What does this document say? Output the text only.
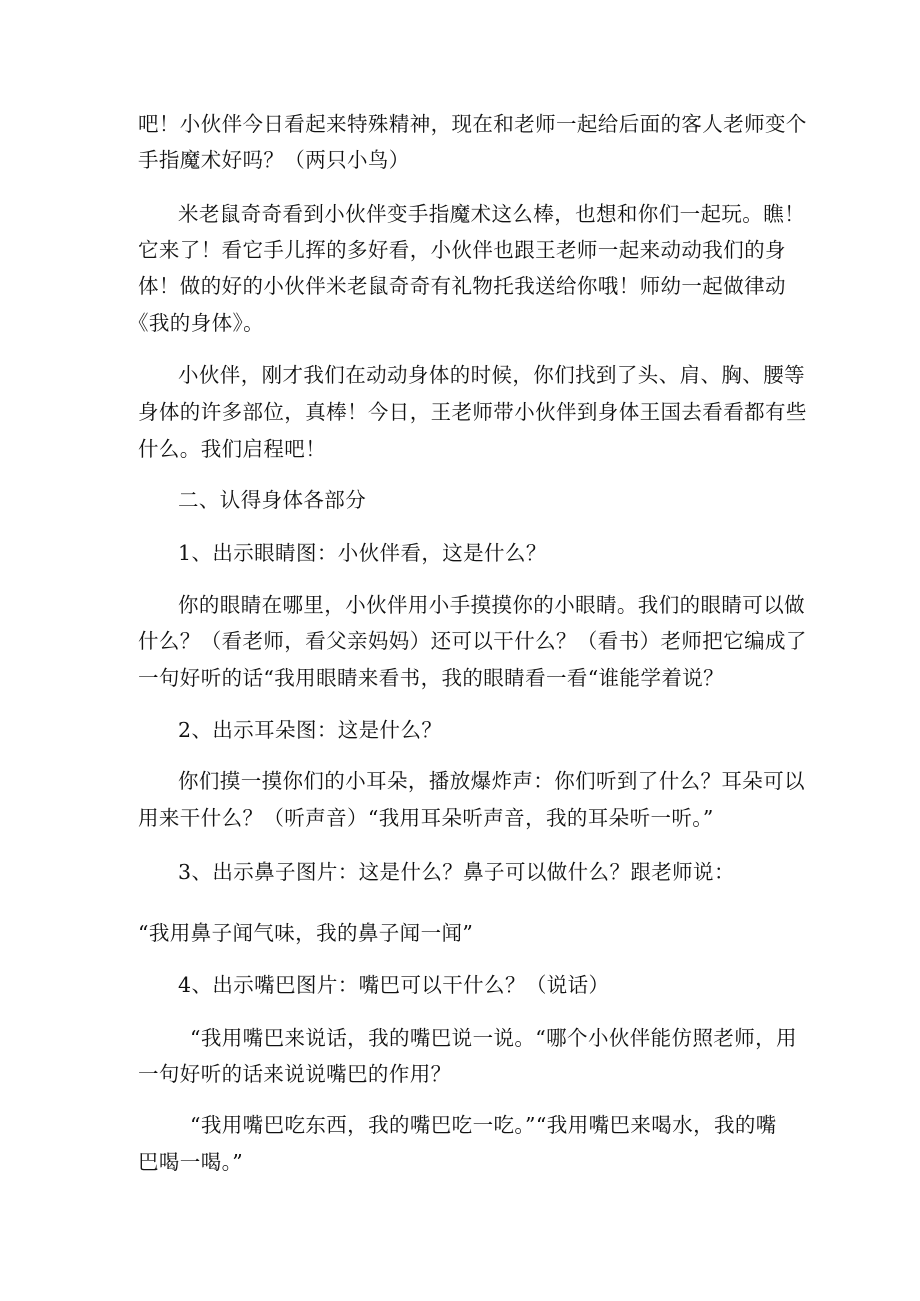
吧！小伙伴今日看起来特殊精神，现在和老师一起给后面的客人老师变个
手指魔术好吗？（两只小鸟）
米老鼠奇奇看到小伙伴变手指魔术这么棒，也想和你们一起玩。瞧！
它来了！看它手儿挥的多好看，小伙伴也跟王老师一起来动动我们的身
体！做的好的小伙伴米老鼠奇奇有礼物托我送给你哦！师幼一起做律动
《我的身体》。
小伙伴，刚才我们在动动身体的时候，你们找到了头、肩、胸、腰等
身体的许多部位，真棒！今日，王老师带小伙伴到身体王国去看看都有些
什么。我们启程吧！
二、认得身体各部分
1、出示眼睛图：小伙伴看，这是什么？
你的眼睛在哪里，小伙伴用小手摸摸你的小眼睛。我们的眼睛可以做
什么？（看老师，看父亲妈妈）还可以干什么？（看书）老师把它编成了
一句好听的话“我用眼睛来看书，我的眼睛看一看“谁能学着说？
2、出示耳朵图：这是什么？
你们摸一摸你们的小耳朵，播放爆炸声：你们听到了什么？耳朵可以
用来干什么？（听声音）“我用耳朵听声音，我的耳朵听一听。”
3、出示鼻子图片：这是什么？鼻子可以做什么？跟老师说：
“我用鼻子闻气味，我的鼻子闻一闻”
4、出示嘴巴图片：嘴巴可以干什么？（说话）
“我用嘴巴来说话，我的嘴巴说一说。“哪个小伙伴能仿照老师，用
一句好听的话来说说嘴巴的作用？
“我用嘴巴吃东西，我的嘴巴吃一吃。”“我用嘴巴来喝水，我的嘴
巴喝一喝。”
